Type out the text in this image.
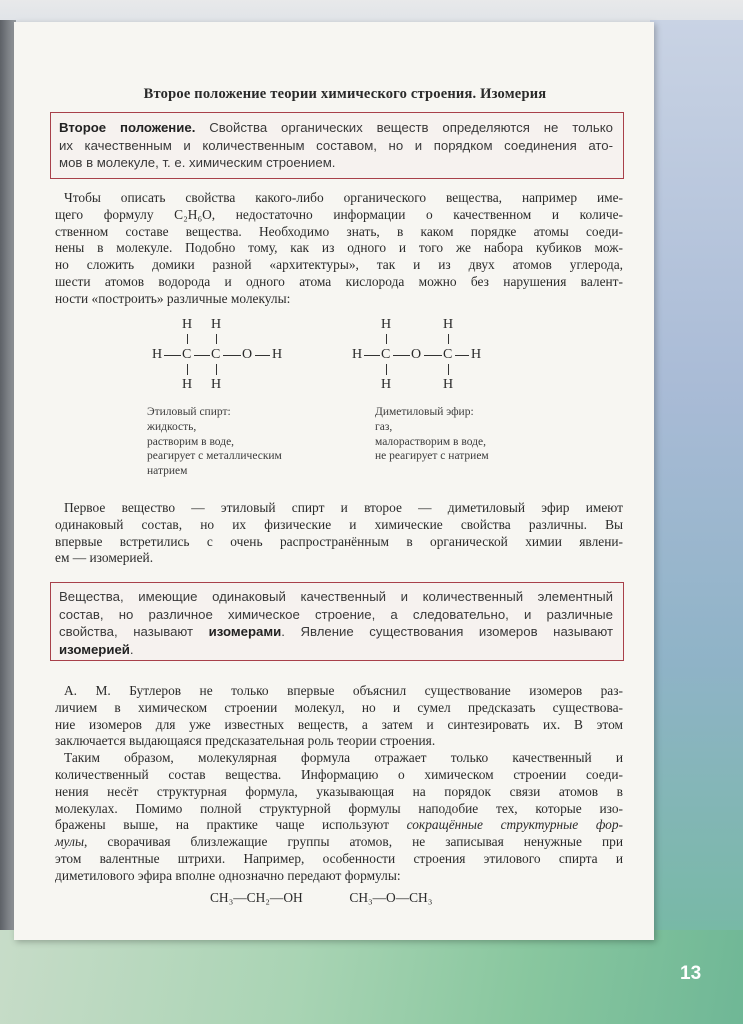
Второе положение теории химического строения. Изомерия
Второе положение. Свойства органических веществ определяются не только
их качественным и количественным составом, но и порядком соединения ато-
мов в молекуле, т. е. химическим строением.
Чтобы описать свойства какого-либо органического вещества, например име-
щего формулу C₂H₆O, недостаточно информации о качественном и количе-
ственном составе вещества. Необходимо знать, в каком порядке атомы соеди-
нены в молекуле. Подобно тому, как из одного и того же набора кубиков мож-
но сложить домики разной «архитектуры», так и из двух атомов углерода,
шести атомов водорода и одного атома кислорода можно без нарушения валент-
ности «построить» различные молекулы:
H H
H C C O H
H H
Этиловый спирт:
жидкость,
растворим в воде,
реагирует с металлическим
натрием
H	H
H C O C H
H	H
Диметиловый эфир:
газ,
малорастворим в воде,
не реагирует с натрием
Первое вещество — этиловый спирт и второе — диметиловый эфир имеют
одинаковый состав, но их физические и химические свойства различны. Вы
впервые встретились с очень распространённым в органической химии явлени-
ем — изомерией.
Вещества, имеющие одинаковый качественный и количественный элементный
состав, но различное химическое строение, а следовательно, и различные
свойства, называют изомерами. Явление существования изомеров называют
изомерией.
А. М. Бутлеров не только впервые объяснил существование изомеров раз-
личием в химическом строении молекул, но и сумел предсказать существова-
ние изомеров для уже известных веществ, а затем и синтезировать их. В этом
заключается выдающаяся предсказательная роль теории строения.
Таким образом, молекулярная формула отражает только качественный и
количественный состав вещества. Информацию о химическом строении соеди-
нения несёт структурная формула, указывающая на порядок связи атомов в
молекулах. Помимо полной структурной формулы наподобие тех, которые изо-
бражены выше, на практике чаще используют сокращённые структурные фор-
мулы, сворачивая близлежащие группы атомов, не записывая ненужные при
этом валентные штрихи. Например, особенности строения этилового спирта и
диметилового эфира вполне однозначно передают формулы:
CH₃—CH₂—OH	CH₃—O—CH₃
13
